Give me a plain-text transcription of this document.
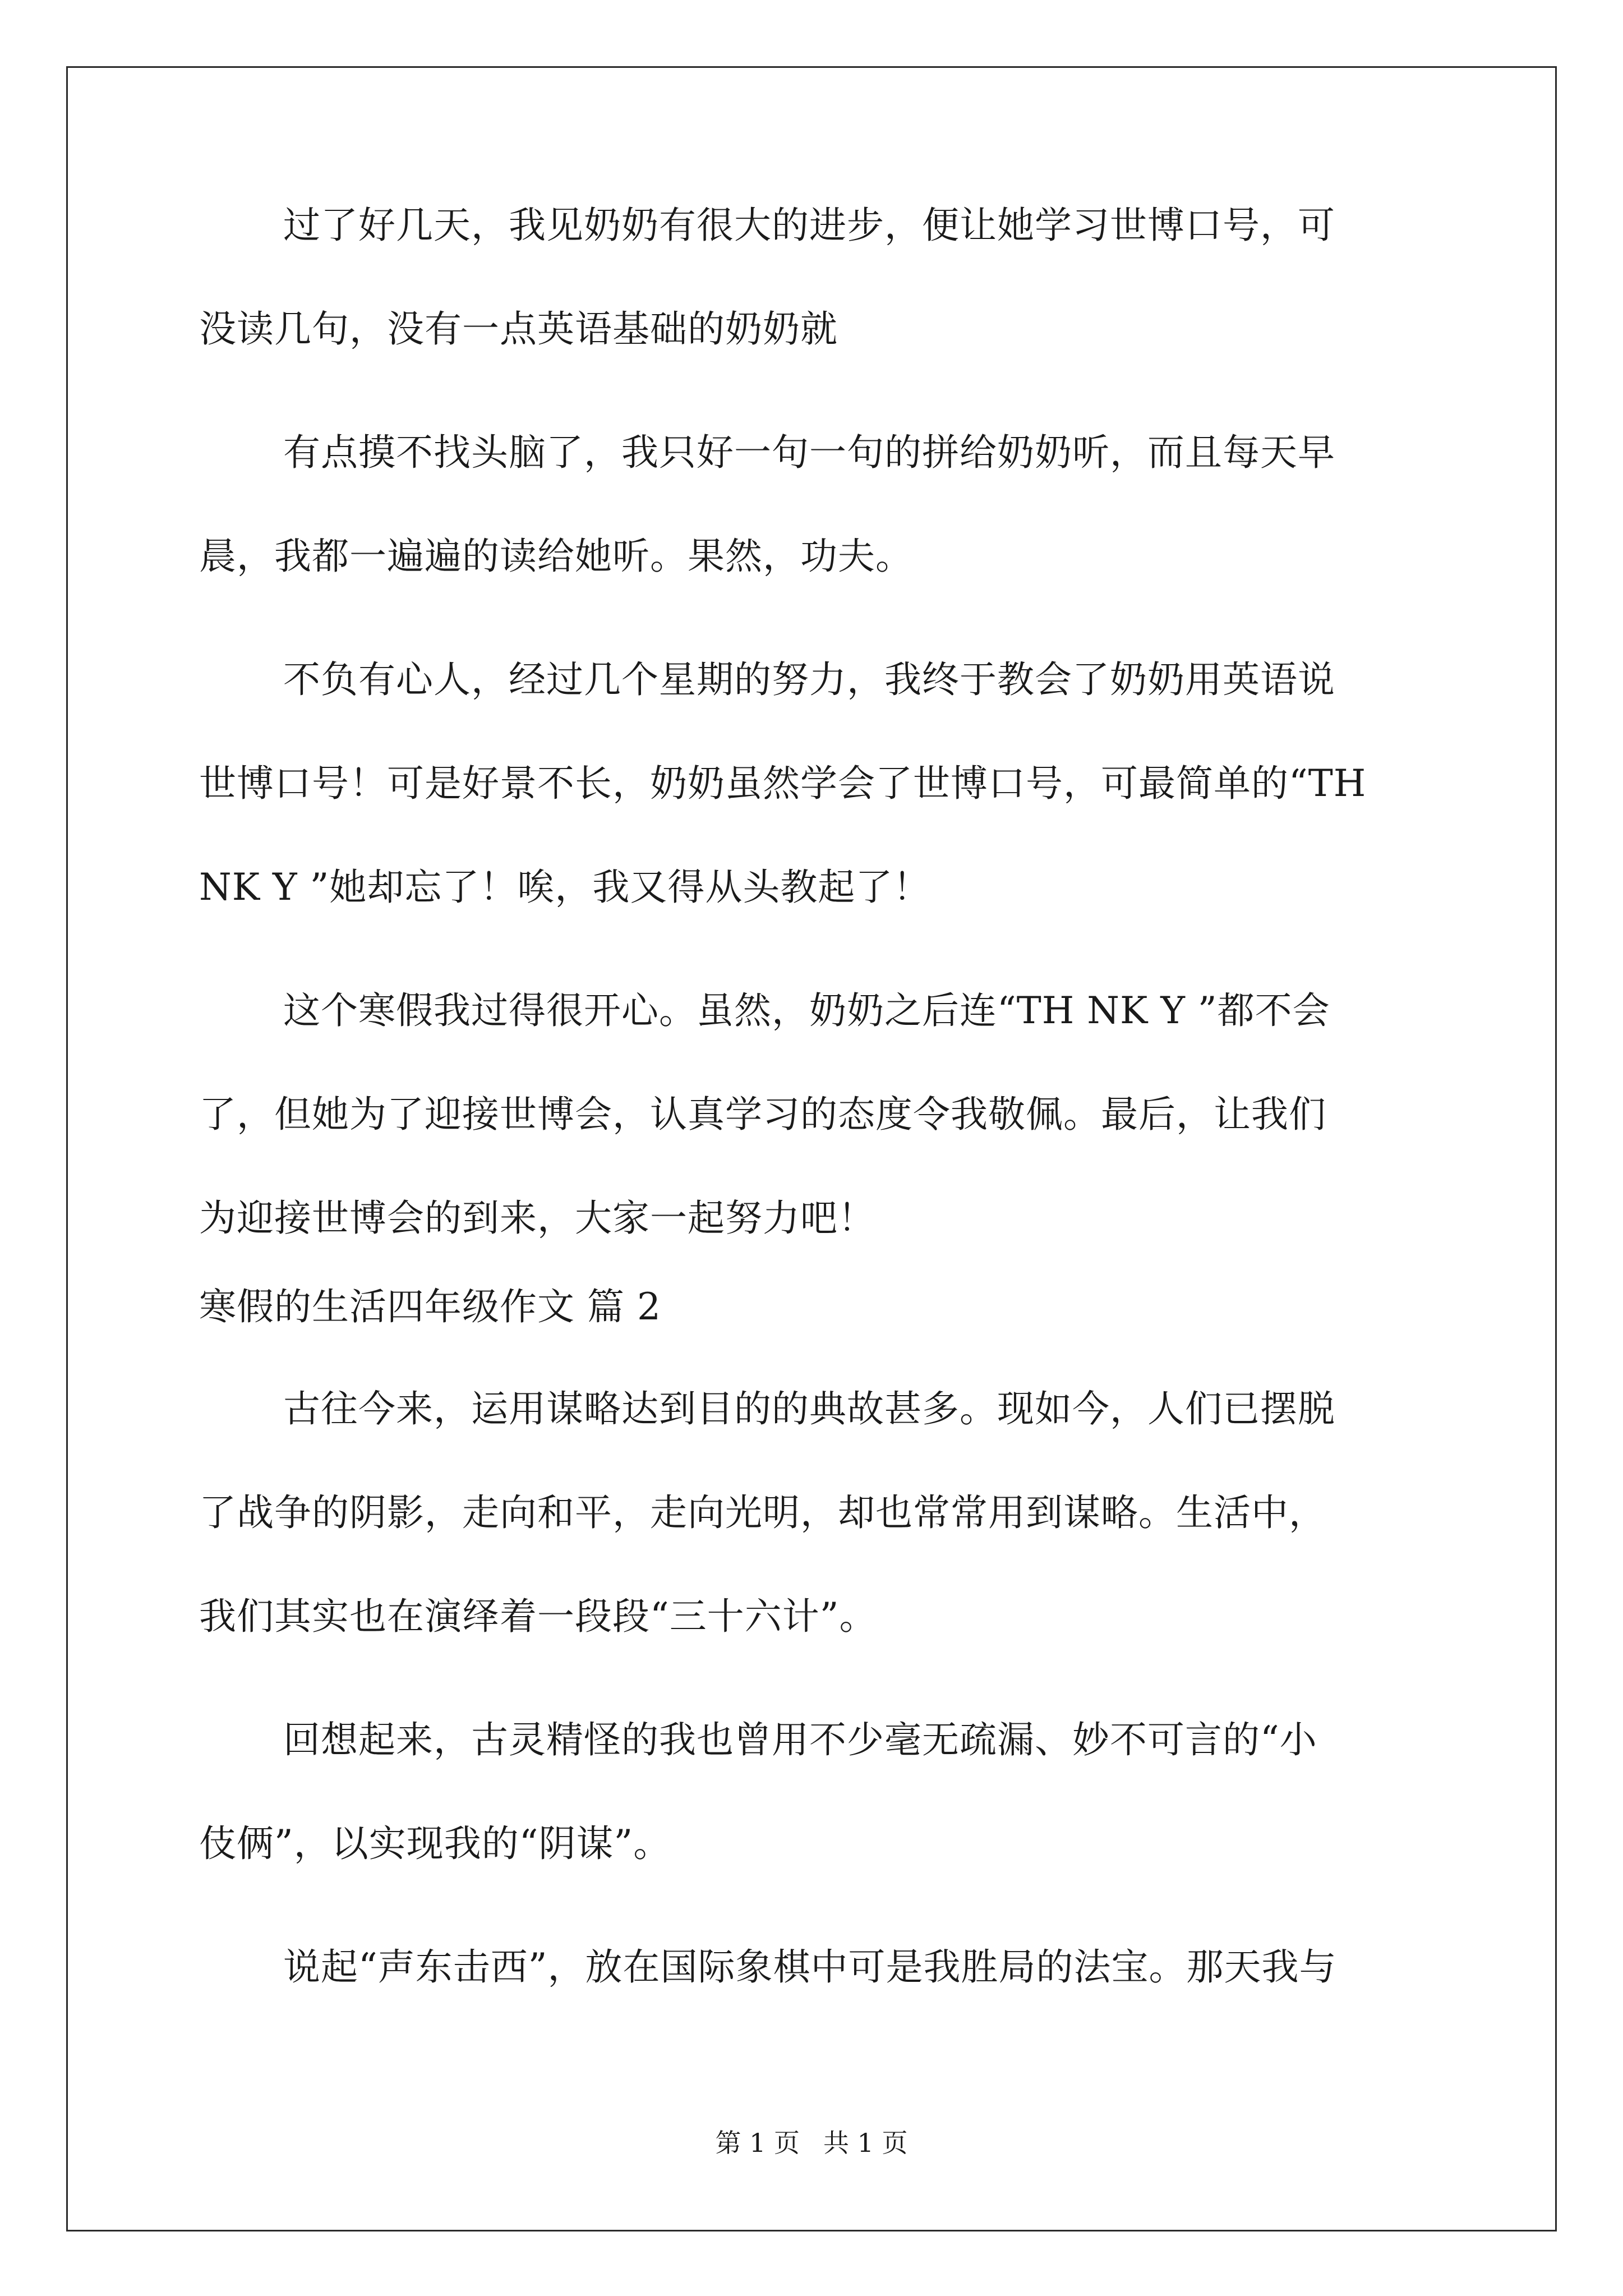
过了好几天，我见奶奶有很大的进步，便让她学习世博口号，可
没读几句，没有一点英语基础的奶奶就
有点摸不找头脑了，我只好一句一句的拼给奶奶听，而且每天早
晨，我都一遍遍的读给她听。果然，功夫。
不负有心人，经过几个星期的努力，我终于教会了奶奶用英语说
世博口号！可是好景不长，奶奶虽然学会了世博口号，可最简单的“TH
NK Y ”她却忘了！唉，我又得从头教起了！
这个寒假我过得很开心。虽然，奶奶之后连“TH NK Y ”都不会
了，但她为了迎接世博会，认真学习的态度令我敬佩。最后，让我们
为迎接世博会的到来，大家一起努力吧！
寒假的生活四年级作文 篇 2
古往今来，运用谋略达到目的的典故甚多。现如今，人们已摆脱
了战争的阴影，走向和平，走向光明，却也常常用到谋略。生活中，
我们其实也在演绎着一段段“三十六计”。
回想起来，古灵精怪的我也曾用不少毫无疏漏、妙不可言的“小
伎俩”，以实现我的“阴谋”。
说起“声东击西”，放在国际象棋中可是我胜局的法宝。那天我与
第 1 页 共 1 页
